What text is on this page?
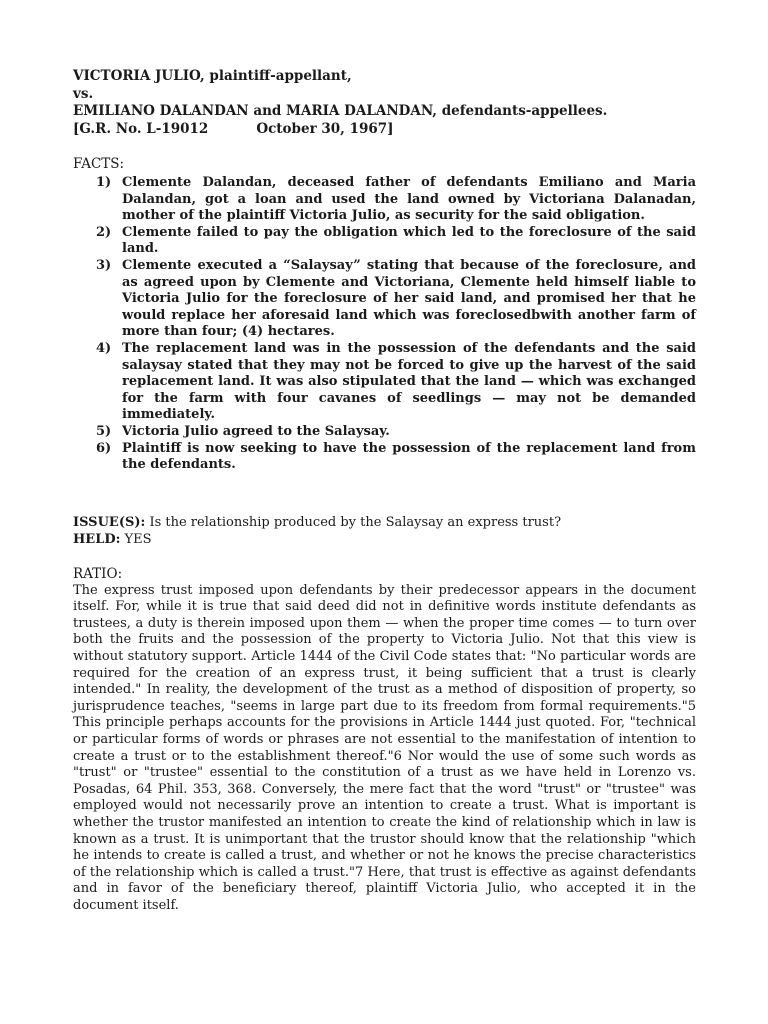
VICTORIA JULIO, plaintiff-appellant,
vs.
EMILIANO DALANDAN and MARIA DALANDAN, defendants-appellees.
[G.R. No. L-19012	October 30, 1967]
FACTS:
1) Clemente Dalandan, deceased father of defendants Emiliano and Maria Dalandan, got a loan and used the land owned by Victoriana Dalanadan, mother of the plaintiff Victoria Julio, as security for the said obligation.
2) Clemente failed to pay the obligation which led to the foreclosure of the said land.
3) Clemente executed a “Salaysay” stating that because of the foreclosure, and as agreed upon by Clemente and Victoriana, Clemente held himself liable to Victoria Julio for the foreclosure of her said land, and promised her that he would replace her aforesaid land which was foreclosedbwith another farm of more than four; (4) hectares.
4) The replacement land was in the possession of the defendants and the said salaysay stated that they may not be forced to give up the harvest of the said replacement land. It was also stipulated that the land — which was exchanged for the farm with four cavanes of seedlings — may not be demanded immediately.
5) Victoria Julio agreed to the Salaysay.
6) Plaintiff is now seeking to have the possession of the replacement land from the defendants.
ISSUE(S): Is the relationship produced by the Salaysay an express trust?
HELD: YES
RATIO:
The express trust imposed upon defendants by their predecessor appears in the document itself. For, while it is true that said deed did not in definitive words institute defendants as trustees, a duty is therein imposed upon them — when the proper time comes — to turn over both the fruits and the possession of the property to Victoria Julio. Not that this view is without statutory support. Article 1444 of the Civil Code states that: "No particular words are required for the creation of an express trust, it being sufficient that a trust is clearly intended." In reality, the development of the trust as a method of disposition of property, so jurisprudence teaches, "seems in large part due to its freedom from formal requirements."5 This principle perhaps accounts for the provisions in Article 1444 just quoted. For, "technical or particular forms of words or phrases are not essential to the manifestation of intention to create a trust or to the establishment thereof."6 Nor would the use of some such words as "trust" or "trustee" essential to the constitution of a trust as we have held in Lorenzo vs. Posadas, 64 Phil. 353, 368. Conversely, the mere fact that the word "trust" or "trustee" was employed would not necessarily prove an intention to create a trust. What is important is whether the trustor manifested an intention to create the kind of relationship which in law is known as a trust. It is unimportant that the trustor should know that the relationship "which he intends to create is called a trust, and whether or not he knows the precise characteristics of the relationship which is called a trust."7 Here, that trust is effective as against defendants and in favor of the beneficiary thereof, plaintiff Victoria Julio, who accepted it in the document itself.
